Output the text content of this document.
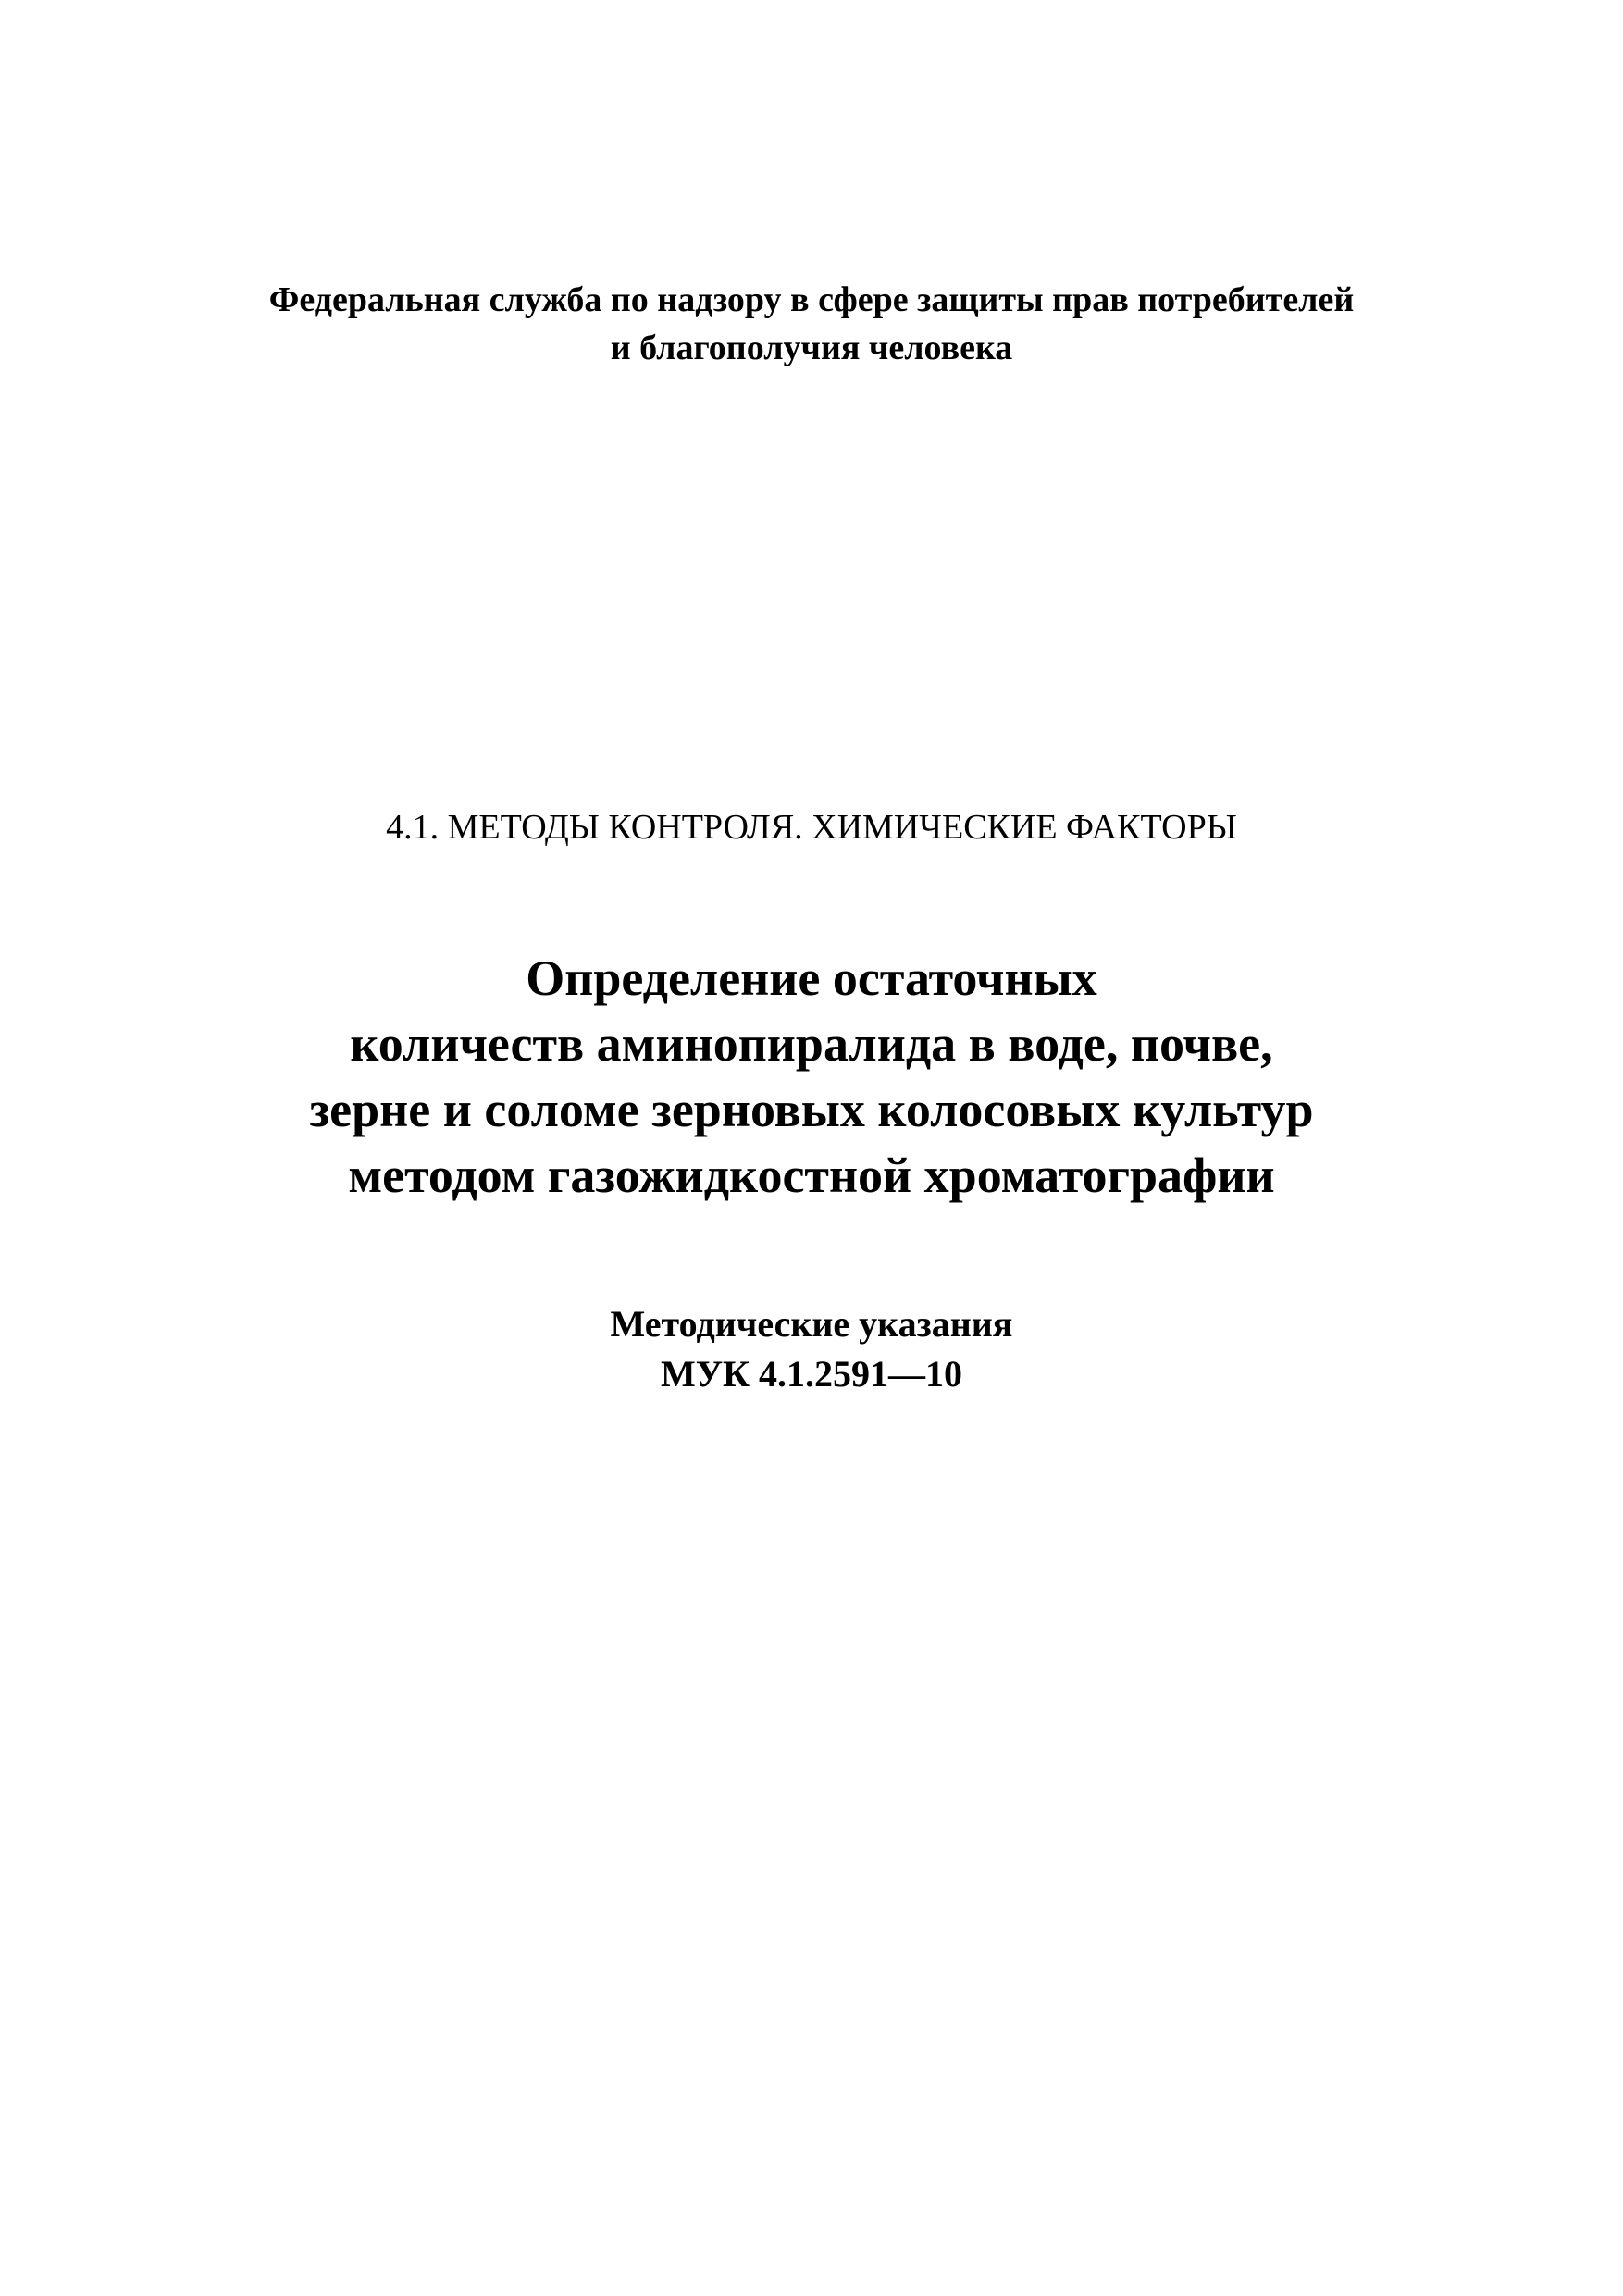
Федеральная служба по надзору в сфере защиты прав потребителей
и благополучия человека
4.1. МЕТОДЫ КОНТРОЛЯ. ХИМИЧЕСКИЕ ФАКТОРЫ
Определение остаточных
количеств аминопиралида в воде, почве,
зерне и соломе зерновых колосовых культур
методом газожидкостной хроматографии
Методические указания
МУК 4.1.2591—10
